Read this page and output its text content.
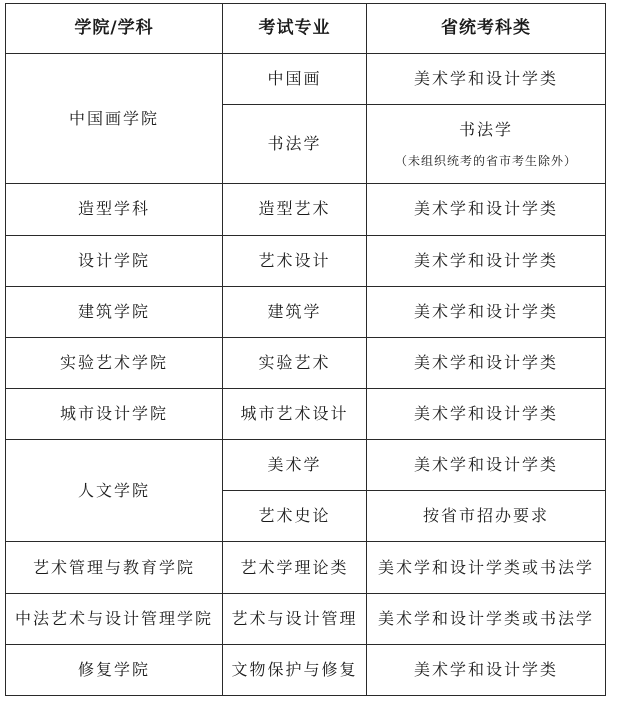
学院/学科	考试专业	省统考科类
中国画学院	中国画	美术学和设计学类
	书法学	书法学
（未组织统考的省市考生除外）

造型学科	造型艺术	美术学和设计学类
设计学院	艺术设计	美术学和设计学类
建筑学院	建筑学	美术学和设计学类
实验艺术学院	实验艺术	美术学和设计学类
城市设计学院	城市艺术设计	美术学和设计学类
人文学院	美术学	美术学和设计学类
	艺术史论	按省市招办要求
艺术管理与教育学院	艺术学理论类	美术学和设计学类或书法学
中法艺术与设计管理学院	艺术与设计管理	美术学和设计学类或书法学
修复学院	文物保护与修复	美术学和设计学类
